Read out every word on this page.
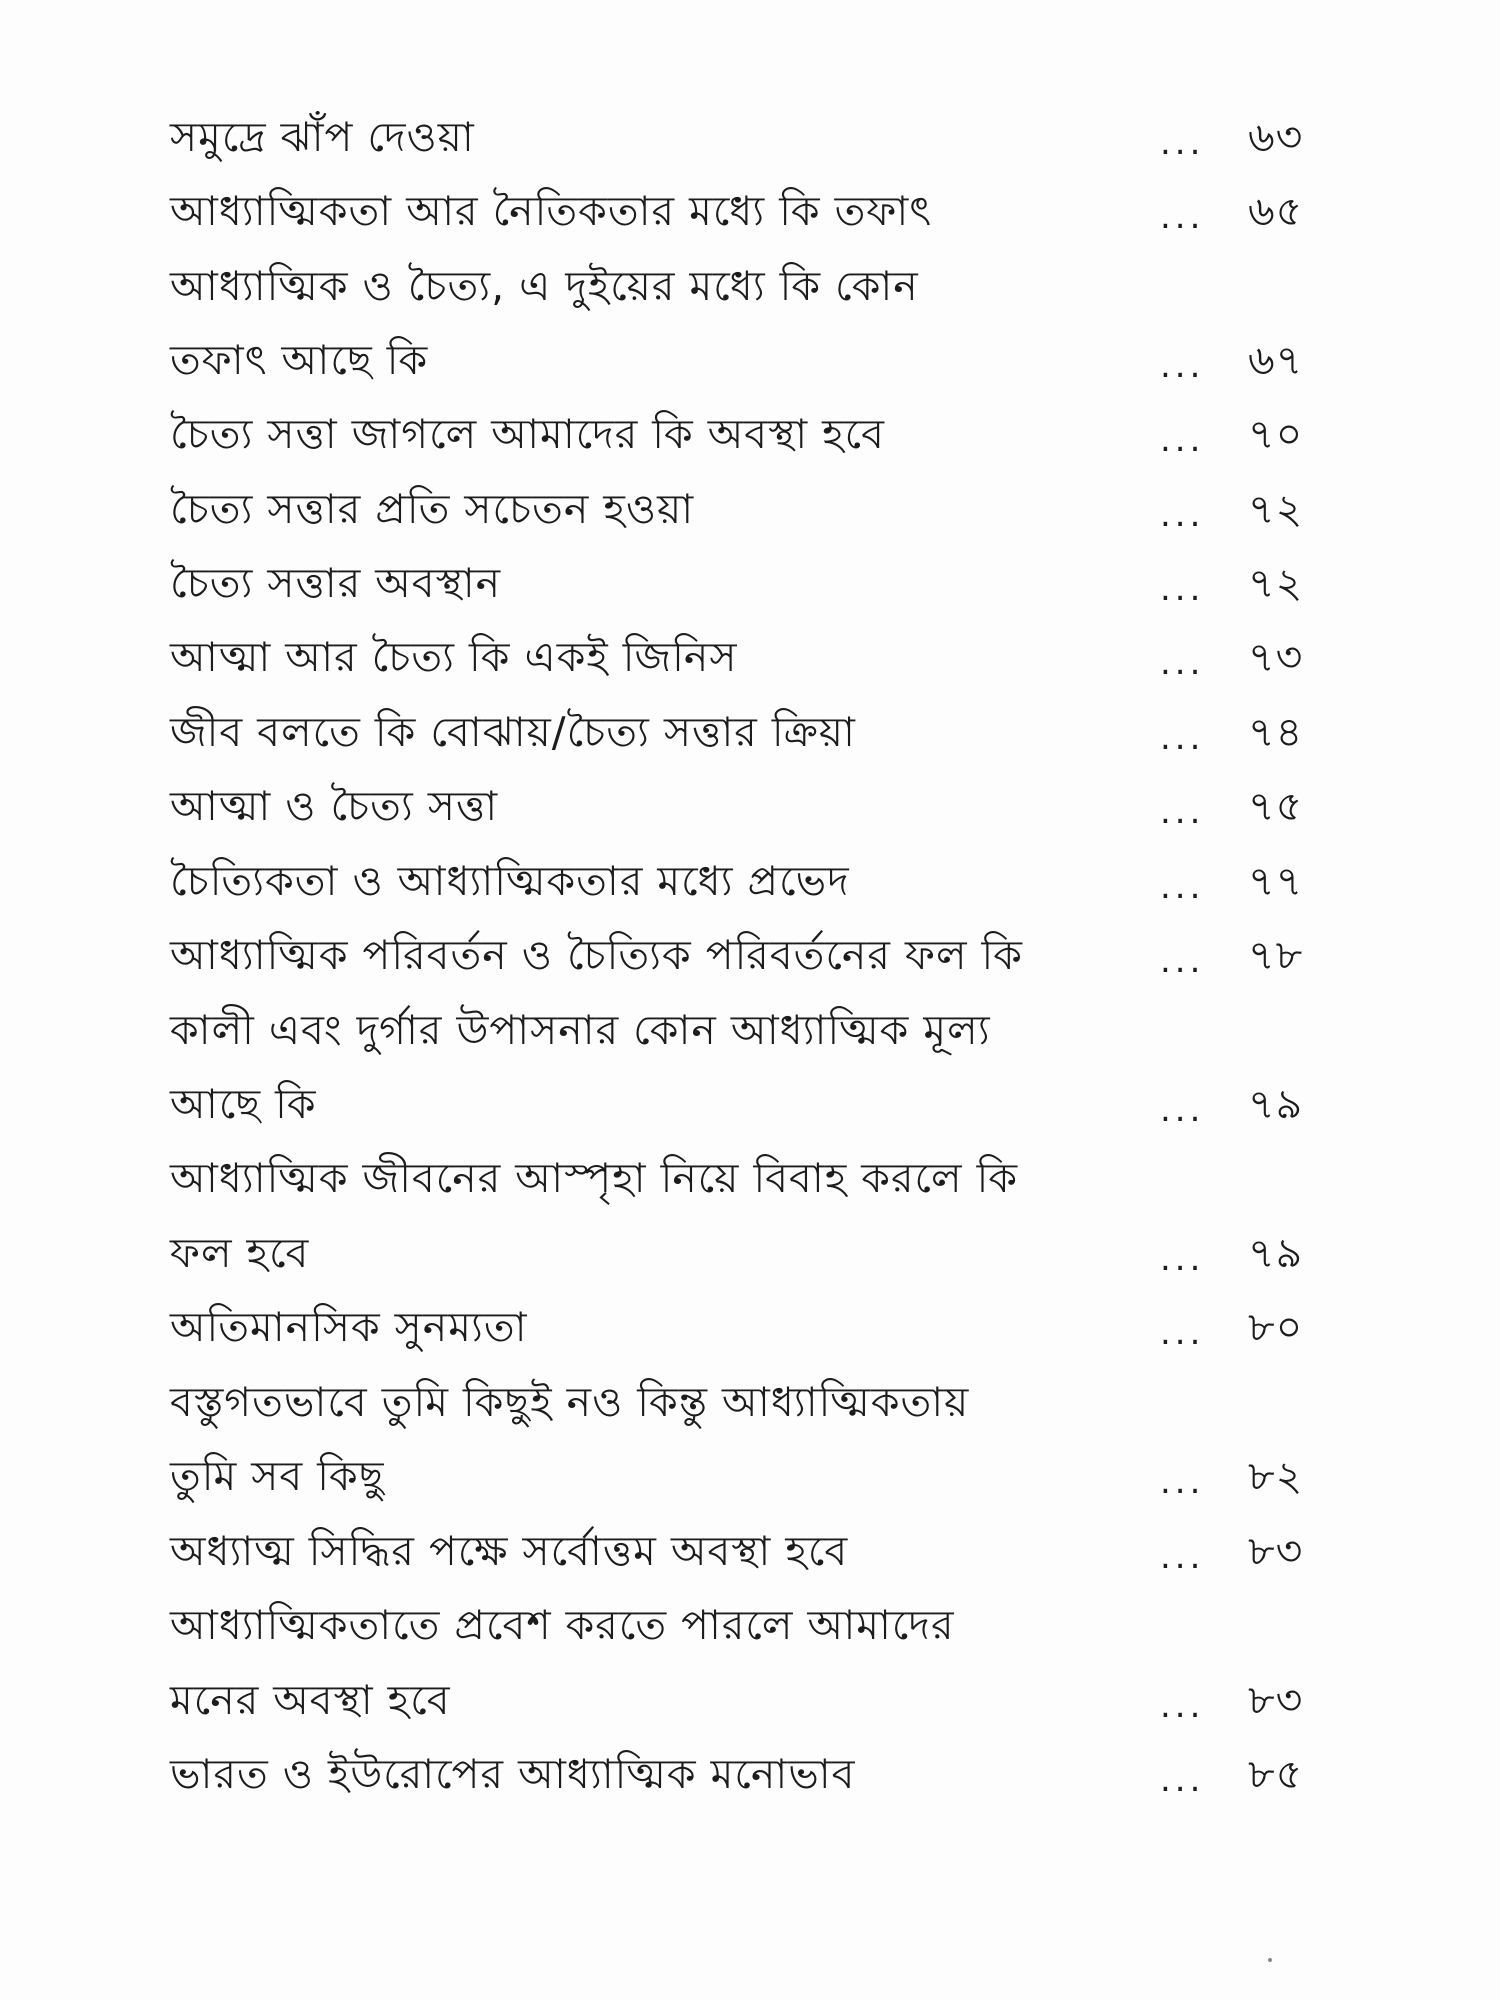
সমুদ্রে ঝাঁপ দেওয়া	... ৬৩
আধ্যাত্মিকতা আর নৈতিকতার মধ্যে কি তফাৎ	... ৬৫
আধ্যাত্মিক ও চৈত্য, এ দুইয়ের মধ্যে কি কোন
তফাৎ আছে কি	... ৬৭
চৈত্য সত্তা জাগলে আমাদের কি অবস্থা হবে	... ৭০
চৈত্য সত্তার প্রতি সচেতন হওয়া	... ৭২
চৈত্য সত্তার অবস্থান	... ৭২
আত্মা আর চৈত্য কি একই জিনিস	... ৭৩
জীব বলতে কি বোঝায়/চৈত্য সত্তার ক্রিয়া	... ৭৪
আত্মা ও চৈত্য সত্তা	... ৭৫
চৈত্যিকতা ও আধ্যাত্মিকতার মধ্যে প্রভেদ	... ৭৭
আধ্যাত্মিক পরিবর্তন ও চৈত্যিক পরিবর্তনের ফল কি	... ৭৮
কালী এবং দুর্গার উপাসনার কোন আধ্যাত্মিক মূল্য
আছে কি	... ৭৯
আধ্যাত্মিক জীবনের আস্পৃহা নিয়ে বিবাহ করলে কি
ফল হবে	... ৭৯
অতিমানসিক সুনম্যতা	... ৮০
বস্তুগতভাবে তুমি কিছুই নও কিন্তু আধ্যাত্মিকতায়
তুমি সব কিছু	... ৮২
অধ্যাত্ম সিদ্ধির পক্ষে সর্বোত্তম অবস্থা হবে	... ৮৩
আধ্যাত্মিকতাতে প্রবেশ করতে পারলে আমাদের
মনের অবস্থা হবে	... ৮৩
ভারত ও ইউরোপের আধ্যাত্মিক মনোভাব	... ৮৫
